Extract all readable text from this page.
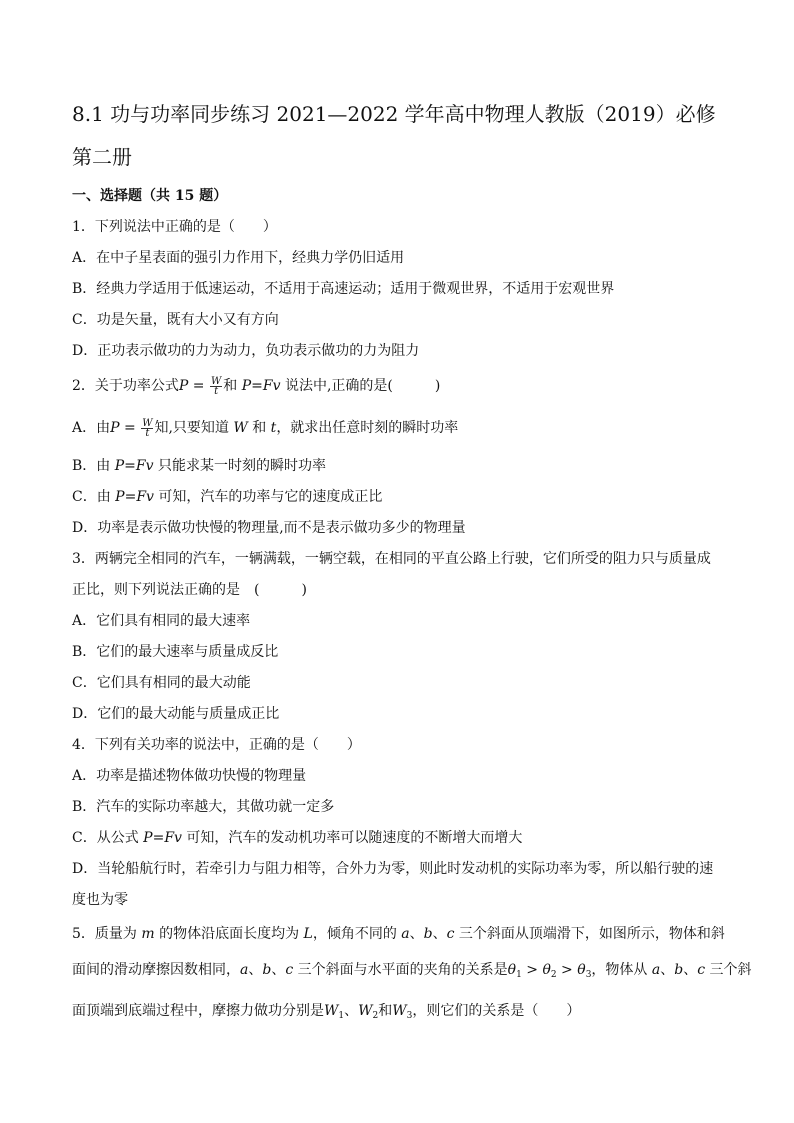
8.1 功与功率同步练习 2021—2022 学年高中物理人教版（2019）必修
第二册
一、选择题（共 15 题）
1．下列说法中正确的是（　　）
A．在中子星表面的强引力作用下，经典力学仍旧适用
B．经典力学适用于低速运动，不适用于高速运动；适用于微观世界，不适用于宏观世界
C．功是矢量，既有大小又有方向
D．正功表示做功的力为动力，负功表示做功的力为阻力
2．关于功率公式$P = \frac{W}{t}$ 和 P=Fv 说法中,正确的是(　　　)
A．由$P = \frac{W}{t}$ 知,只要知道 W 和 t，就求出任意时刻的瞬时功率
B．由 P=Fv 只能求某一时刻的瞬时功率
C．由 P=Fv 可知，汽车的功率与它的速度成正比
D．功率是表示做功快慢的物理量,而不是表示做功多少的物理量
3．两辆完全相同的汽车，一辆满载，一辆空载，在相同的平直公路上行驶，它们所受的阻力只与质量成
正比，则下列说法正确的是　(　　　)
A．它们具有相同的最大速率
B．它们的最大速率与质量成反比
C．它们具有相同的最大动能
D．它们的最大动能与质量成正比
4．下列有关功率的说法中，正确的是（　　）
A．功率是描述物体做功快慢的物理量
B．汽车的实际功率越大，其做功就一定多
C．从公式 P=Fv 可知，汽车的发动机功率可以随速度的不断增大而增大
D．当轮船航行时，若牵引力与阻力相等，合外力为零，则此时发动机的实际功率为零，所以船行驶的速
度也为零
5．质量为 m 的物体沿底面长度均为 L，倾角不同的 a、b、c 三个斜面从顶端滑下，如图所示，物体和斜
面间的滑动摩擦因数相同，a、b、c 三个斜面与水平面的夹角的关系是$\theta_1 > \theta_2 > \theta_3$，物体从 a、b、c 三个斜
面顶端到底端过程中，摩擦力做功分别是$W_1$、$W_2$和$W_3$，则它们的关系是（　　）
